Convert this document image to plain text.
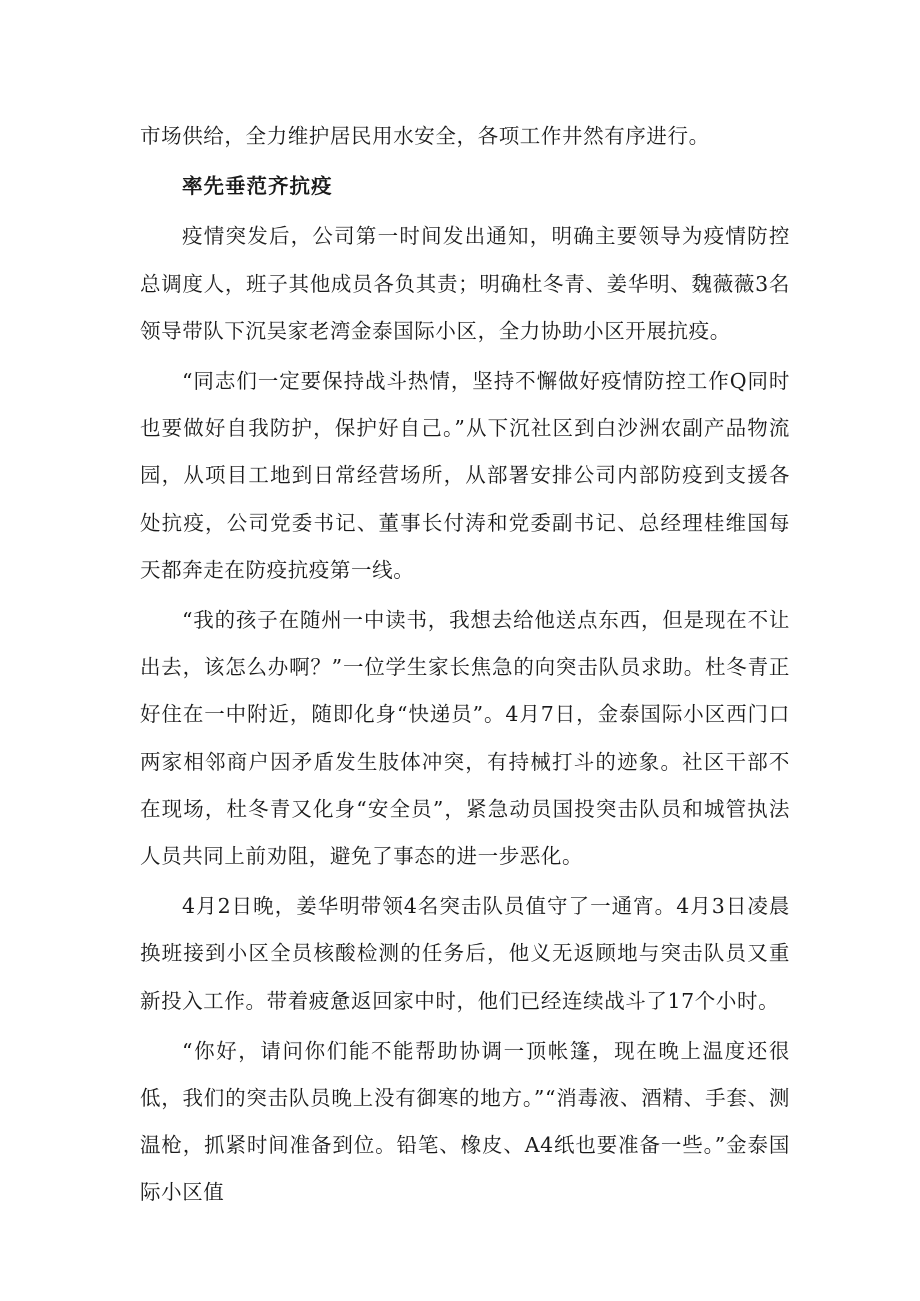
市场供给，全力维护居民用水安全，各项工作井然有序进行。

率先垂范齐抗疫

疫情突发后，公司第一时间发出通知，明确主要领导为疫情防控总调度人，班子其他成员各负其责；明确杜冬青、姜华明、魏薇薇3名领导带队下沉吴家老湾金泰国际小区，全力协助小区开展抗疫。

“同志们一定要保持战斗热情，坚持不懈做好疫情防控工作Q同时也要做好自我防护，保护好自己。”从下沉社区到白沙洲农副产品物流园，从项目工地到日常经营场所，从部署安排公司内部防疫到支援各处抗疫，公司党委书记、董事长付涛和党委副书记、总经理桂维国每天都奔走在防疫抗疫第一线。

“我的孩子在随州一中读书，我想去给他送点东西，但是现在不让出去，该怎么办啊？”一位学生家长焦急的向突击队员求助。杜冬青正好住在一中附近，随即化身“快递员”。4月7日，金泰国际小区西门口两家相邻商户因矛盾发生肢体冲突，有持械打斗的迹象。社区干部不在现场，杜冬青又化身“安全员”，紧急动员国投突击队员和城管执法人员共同上前劝阻，避免了事态的进一步恶化。

4月2日晚，姜华明带领4名突击队员值守了一通宵。4月3日凌晨换班接到小区全员核酸检测的任务后，他义无返顾地与突击队员又重新投入工作。带着疲惫返回家中时，他们已经连续战斗了17个小时。

“你好，请问你们能不能帮助协调一顶帐篷，现在晚上温度还很低，我们的突击队员晚上没有御寒的地方。”“消毒液、酒精、手套、测温枪，抓紧时间准备到位。铅笔、橡皮、A4纸也要准备一些。”金泰国际小区值
